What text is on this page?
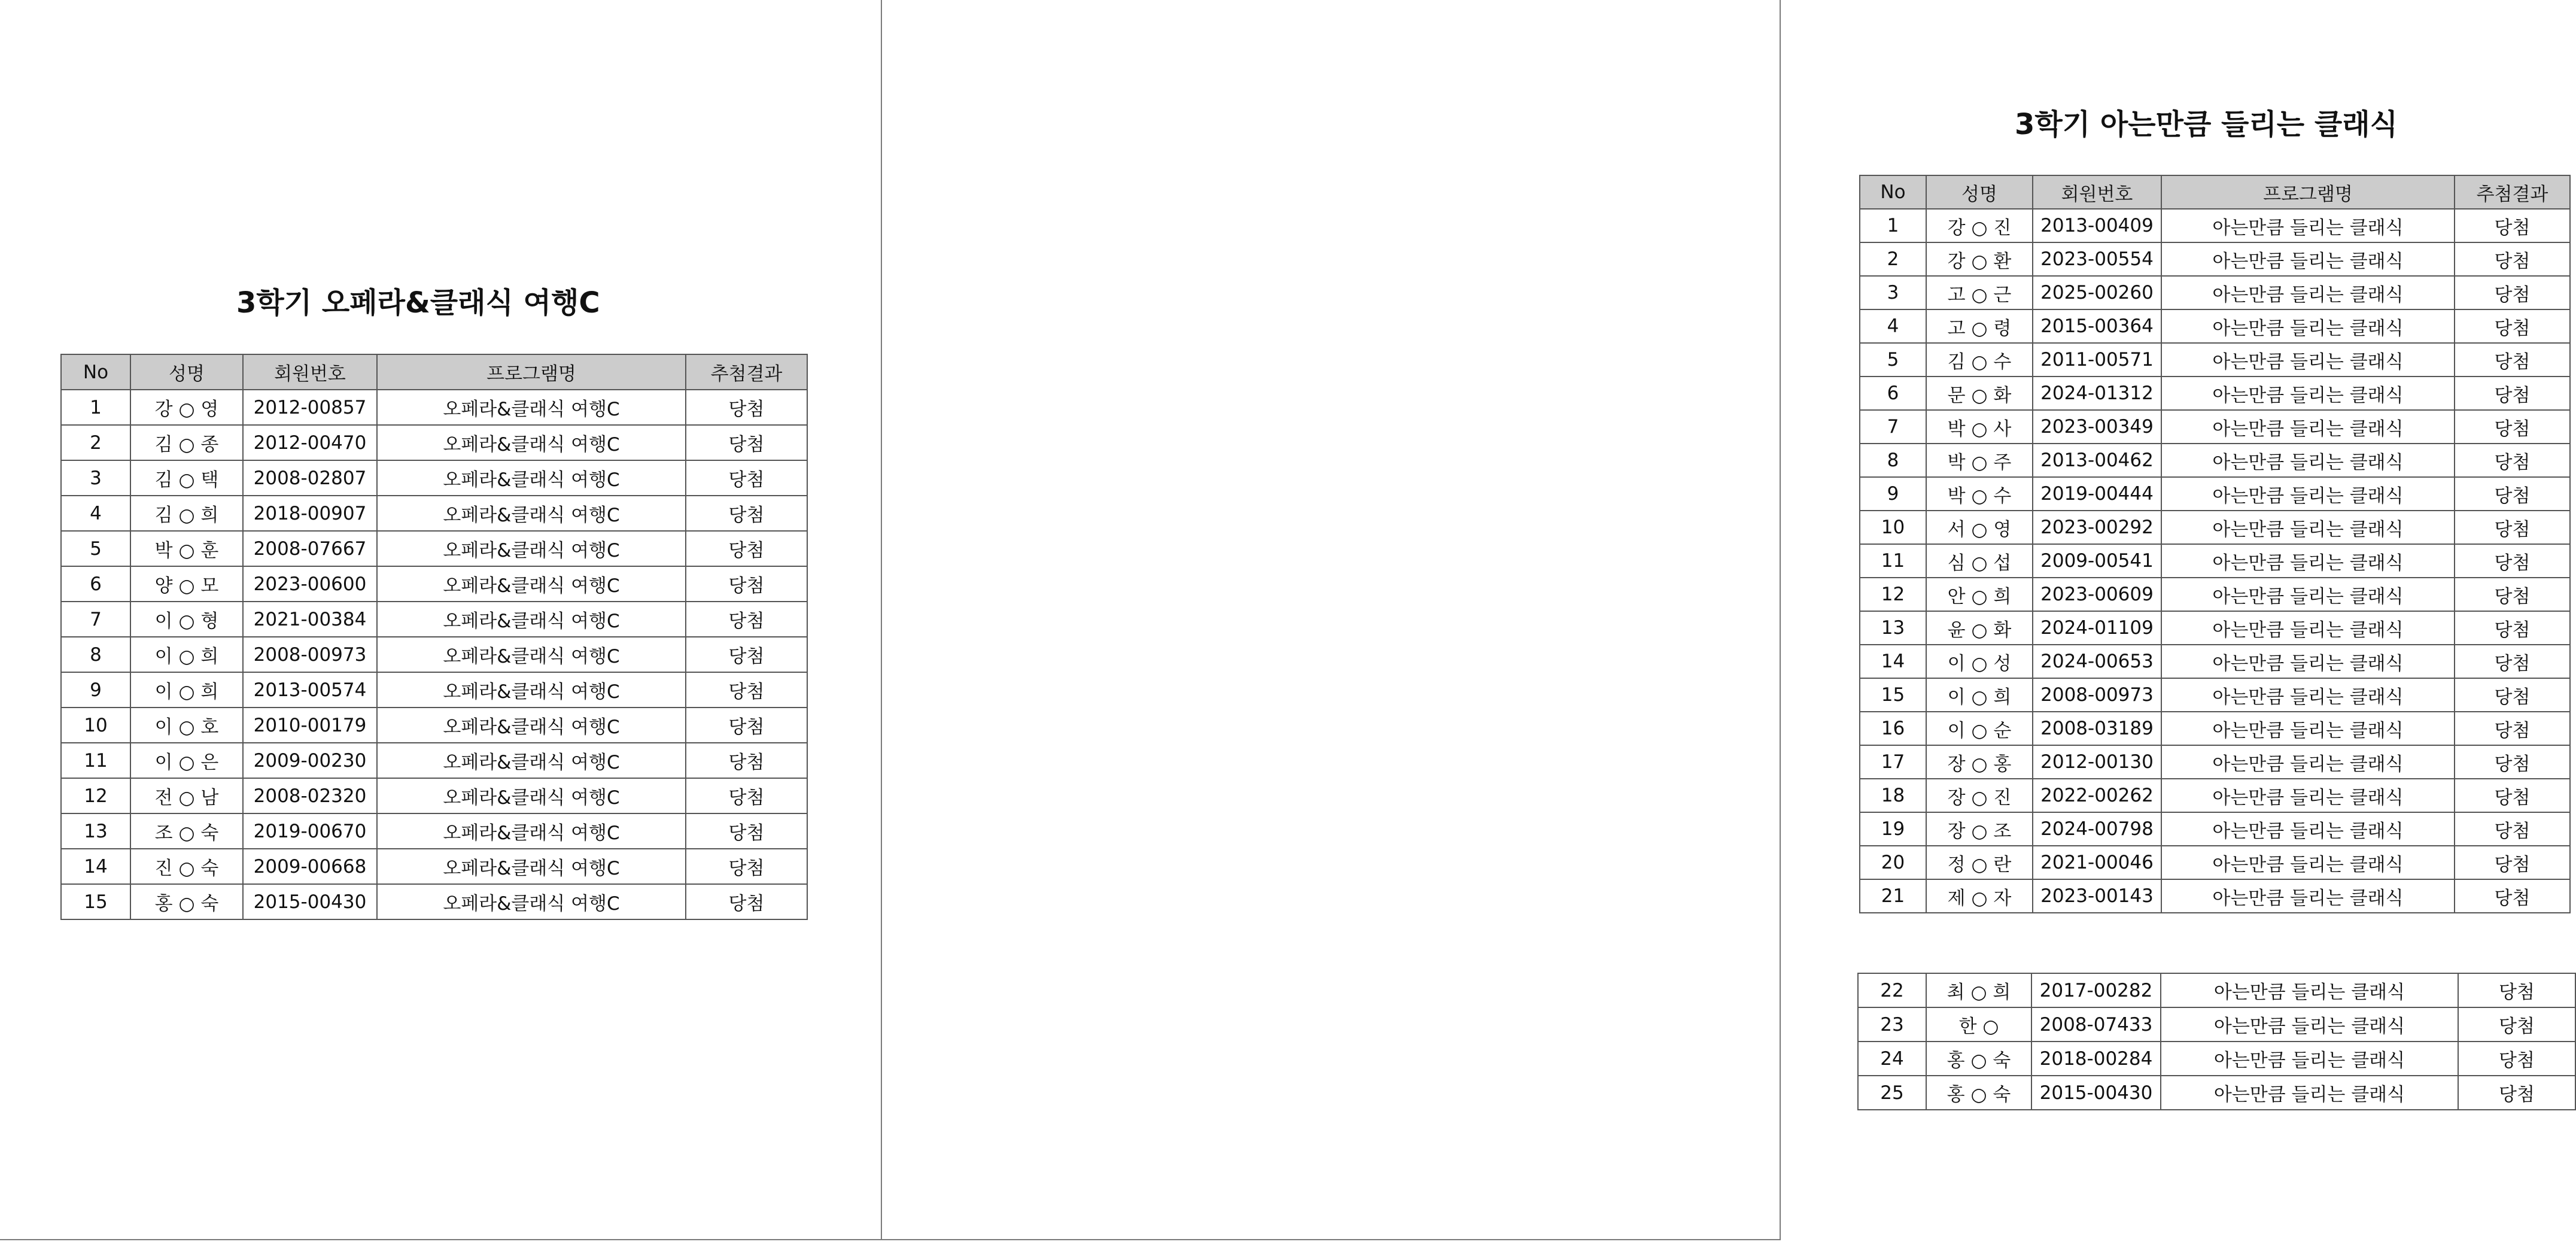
3학기 오페라&클래식 여행C
No	성명	회원번호	프로그램명	추첨결과
1	강 ○ 영	2012-00857	오페라&클래식 여행C	당첨
2	김 ○ 종	2012-00470	오페라&클래식 여행C	당첨
3	김 ○ 택	2008-02807	오페라&클래식 여행C	당첨
4	김 ○ 희	2018-00907	오페라&클래식 여행C	당첨
5	박 ○ 훈	2008-07667	오페라&클래식 여행C	당첨
6	양 ○ 모	2023-00600	오페라&클래식 여행C	당첨
7	이 ○ 형	2021-00384	오페라&클래식 여행C	당첨
8	이 ○ 희	2008-00973	오페라&클래식 여행C	당첨
9	이 ○ 희	2013-00574	오페라&클래식 여행C	당첨
10	이 ○ 호	2010-00179	오페라&클래식 여행C	당첨
11	이 ○ 은	2009-00230	오페라&클래식 여행C	당첨
12	전 ○ 남	2008-02320	오페라&클래식 여행C	당첨
13	조 ○ 숙	2019-00670	오페라&클래식 여행C	당첨
14	진 ○ 숙	2009-00668	오페라&클래식 여행C	당첨
15	홍 ○ 숙	2015-00430	오페라&클래식 여행C	당첨
3학기 아는만큼 들리는 클래식
No	성명	회원번호	프로그램명	추첨결과
1	강 ○ 진	2013-00409	아는만큼 들리는 클래식	당첨
2	강 ○ 환	2023-00554	아는만큼 들리는 클래식	당첨
3	고 ○ 근	2025-00260	아는만큼 들리는 클래식	당첨
4	고 ○ 령	2015-00364	아는만큼 들리는 클래식	당첨
5	김 ○ 수	2011-00571	아는만큼 들리는 클래식	당첨
6	문 ○ 화	2024-01312	아는만큼 들리는 클래식	당첨
7	박 ○ 사	2023-00349	아는만큼 들리는 클래식	당첨
8	박 ○ 주	2013-00462	아는만큼 들리는 클래식	당첨
9	박 ○ 수	2019-00444	아는만큼 들리는 클래식	당첨
10	서 ○ 영	2023-00292	아는만큼 들리는 클래식	당첨
11	심 ○ 섭	2009-00541	아는만큼 들리는 클래식	당첨
12	안 ○ 희	2023-00609	아는만큼 들리는 클래식	당첨
13	윤 ○ 화	2024-01109	아는만큼 들리는 클래식	당첨
14	이 ○ 성	2024-00653	아는만큼 들리는 클래식	당첨
15	이 ○ 희	2008-00973	아는만큼 들리는 클래식	당첨
16	이 ○ 순	2008-03189	아는만큼 들리는 클래식	당첨
17	장 ○ 홍	2012-00130	아는만큼 들리는 클래식	당첨
18	장 ○ 진	2022-00262	아는만큼 들리는 클래식	당첨
19	장 ○ 조	2024-00798	아는만큼 들리는 클래식	당첨
20	정 ○ 란	2021-00046	아는만큼 들리는 클래식	당첨
21	제 ○ 자	2023-00143	아는만큼 들리는 클래식	당첨
22	최 ○ 희	2017-00282	아는만큼 들리는 클래식	당첨
23	한 ○	2008-07433	아는만큼 들리는 클래식	당첨
24	홍 ○ 숙	2018-00284	아는만큼 들리는 클래식	당첨
25	홍 ○ 숙	2015-00430	아는만큼 들리는 클래식	당첨
